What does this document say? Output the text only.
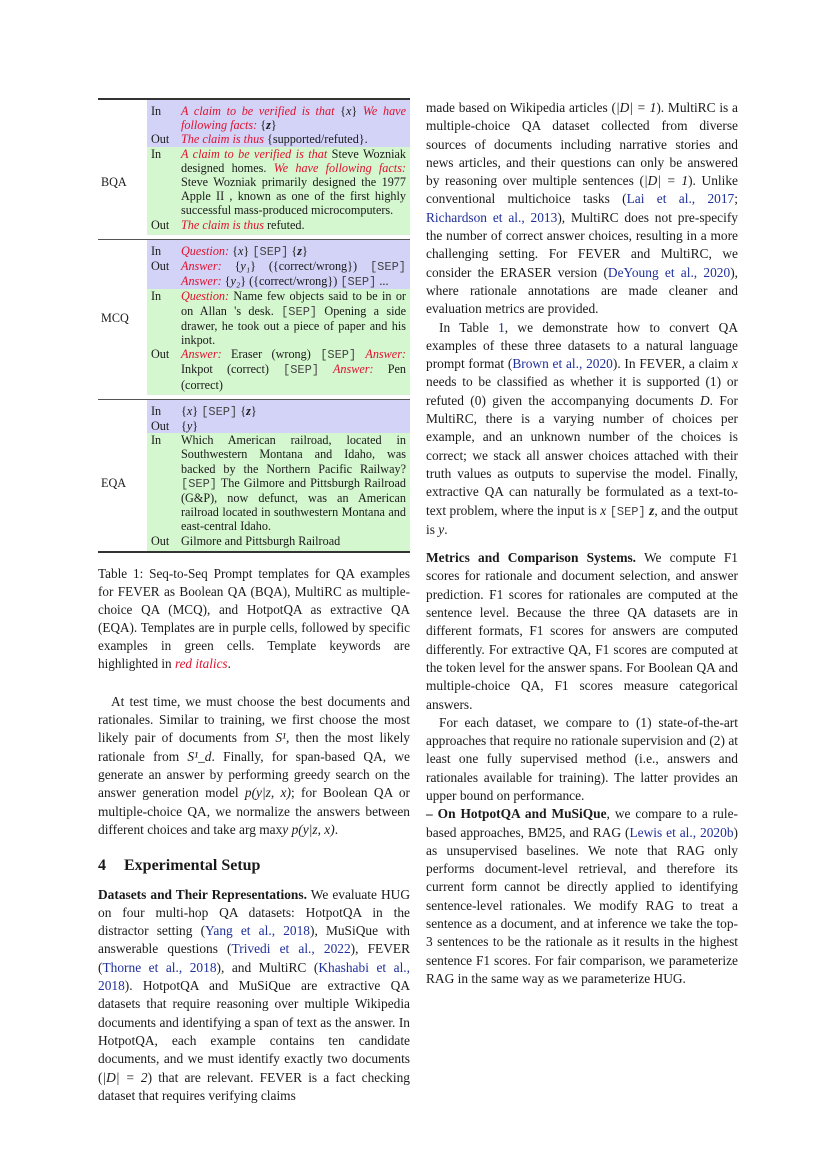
	In	A claim to be verified is that {x} We have following facts: {z}
	Out	The claim is thus {supported/refuted}.
BQA	In	A claim to be verified is that Steve Wozniak designed homes. We have following facts: Steve Wozniak primarily designed the 1977 Apple II , known as one of the first highly successful mass-produced microcomputers.
	Out	The claim is thus refuted.

	In	Question: {x} [SEP] {z}
	Out	Answer: {y₁} ({correct/wrong}) [SEP] Answer: {y₂} ({correct/wrong}) [SEP] ...
MCQ	In	Question: Name few objects said to be in or on Allan 's desk. [SEP] Opening a side drawer, he took out a piece of paper and his inkpot.
	Out	Answer: Eraser (wrong) [SEP] Answer: Inkpot (correct) [SEP] Answer: Pen (correct)

	In	{x} [SEP] {z}
	Out	{y}
EQA	In	Which American railroad, located in Southwestern Montana and Idaho, was backed by the Northern Pacific Railway? [SEP] The Gilmore and Pittsburgh Railroad (G&P), now defunct, was an American railroad located in southwestern Montana and east-central Idaho.
	Out	Gilmore and Pittsburgh Railroad

Table 1: Seq-to-Seq Prompt templates for QA examples for FEVER as Boolean QA (BQA), MultiRC as multiple-choice QA (MCQ), and HotpotQA as extractive QA (EQA). Templates are in purple cells, followed by specific examples in green cells. Template keywords are highlighted in red italics.

At test time, we must choose the best documents and rationales. Similar to training, we first choose the most likely pair of documents from S¹, then the most likely rationale from S¹_d. Finally, for span-based QA, we generate an answer by performing greedy search on the answer generation model p(y|z, x); for Boolean QA or multiple-choice QA, we normalize the answers between different choices and take arg maxy p(y|z, x).

4 Experimental Setup

Datasets and Their Representations. We evaluate HUG on four multi-hop QA datasets: HotpotQA in the distractor setting (Yang et al., 2018), MuSiQue with answerable questions (Trivedi et al., 2022), FEVER (Thorne et al., 2018), and MultiRC (Khashabi et al., 2018). HotpotQA and MuSiQue are extractive QA datasets that require reasoning over multiple Wikipedia documents and identifying a span of text as the answer. In HotpotQA, each example contains ten candidate documents, and we must identify exactly two documents (|D| = 2) that are relevant. FEVER is a fact checking dataset that requires verifying claims

made based on Wikipedia articles (|D| = 1). MultiRC is a multiple-choice QA dataset collected from diverse sources of documents including narrative stories and news articles, and their questions can only be answered by reasoning over multiple sentences (|D| = 1). Unlike conventional multichoice tasks (Lai et al., 2017; Richardson et al., 2013), MultiRC does not pre-specify the number of correct answer choices, resulting in a more challenging setting. For FEVER and MultiRC, we consider the ERASER version (DeYoung et al., 2020), where rationale annotations are made cleaner and evaluation metrics are provided.

In Table 1, we demonstrate how to convert QA examples of these three datasets to a natural language prompt format (Brown et al., 2020). In FEVER, a claim x needs to be classified as whether it is supported (1) or refuted (0) given the accompanying documents D. For MultiRC, there is a varying number of choices per example, and an unknown number of the choices is correct; we stack all answer choices attached with their truth values as outputs to supervise the model. Finally, extractive QA can naturally be formulated as a text-to-text problem, where the input is x [SEP] z, and the output is y.

Metrics and Comparison Systems. We compute F1 scores for rationale and document selection, and answer prediction. F1 scores for rationales are computed at the sentence level. Because the three QA datasets are in different formats, F1 scores for answers are computed differently. For extractive QA, F1 scores are computed at the token level for the answer spans. For Boolean QA and multiple-choice QA, F1 scores measure categorical answers.

For each dataset, we compare to (1) state-of-the-art approaches that require no rationale supervision and (2) at least one fully supervised method (i.e., answers and rationales available for training). The latter provides an upper bound on performance.

– On HotpotQA and MuSiQue, we compare to a rule-based approaches, BM25, and RAG (Lewis et al., 2020b) as unsupervised baselines. We note that RAG only performs document-level retrieval, and therefore its current form cannot be directly applied to identifying sentence-level rationales. We modify RAG to treat a sentence as a document, and at inference we take the top-3 sentences to be the rationale as it results in the highest sentence F1 scores. For fair comparison, we parameterize RAG in the same way as we parameterize HUG.
